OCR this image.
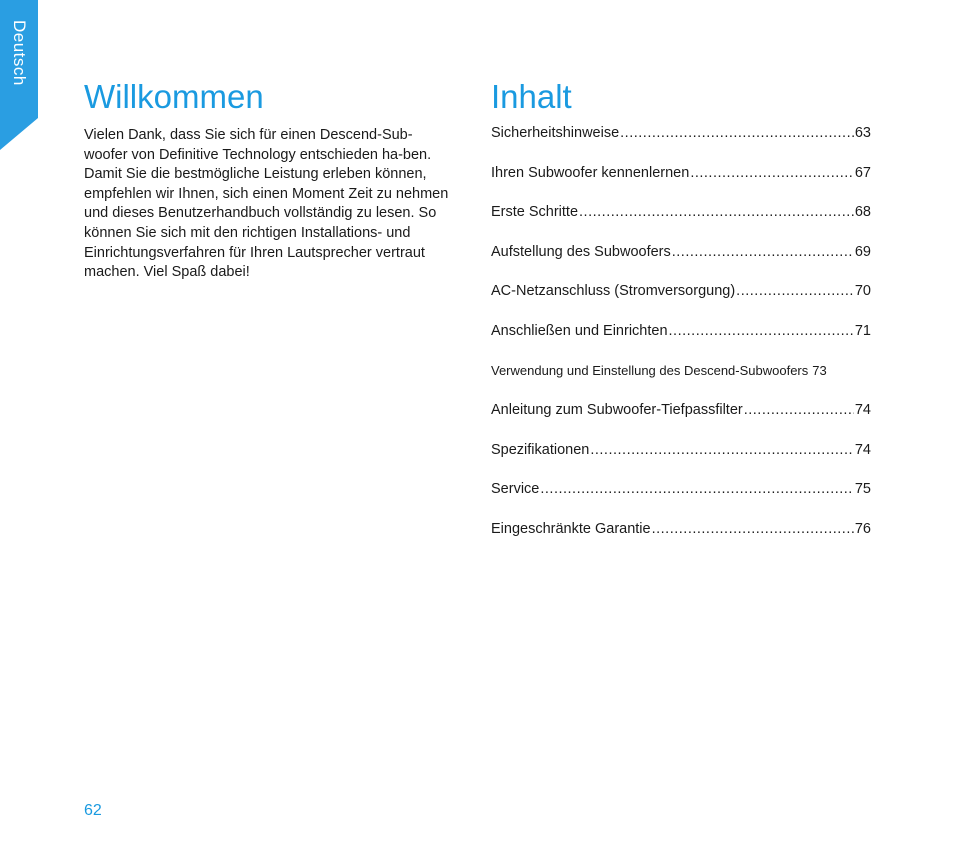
Deutsch
Willkommen

Vielen Dank, dass Sie sich für einen Descend-Sub-woofer von Definitive Technology entschieden ha-ben. Damit Sie die bestmögliche Leistung erleben können, empfehlen wir Ihnen, sich einen Moment Zeit zu nehmen und dieses Benutzerhandbuch vollständig zu lesen. So können Sie sich mit den richtigen Installations- und Einrichtungsverfahren für Ihren Lautsprecher vertraut machen. Viel Spaß dabei!

Inhalt
Sicherheitshinweise .....	63
Ihren Subwoofer kennenlernen .....	67
Erste Schritte .....	68
Aufstellung des Subwoofers .....	69
AC-Netzanschluss (Stromversorgung) .....	70
Anschließen und Einrichten .....	71
Verwendung und Einstellung des Descend-Subwoofers 73
Anleitung zum Subwoofer-Tiefpassfilter .....	74
Spezifikationen .....	74
Service .....	75
Eingeschränkte Garantie .....	76
62
